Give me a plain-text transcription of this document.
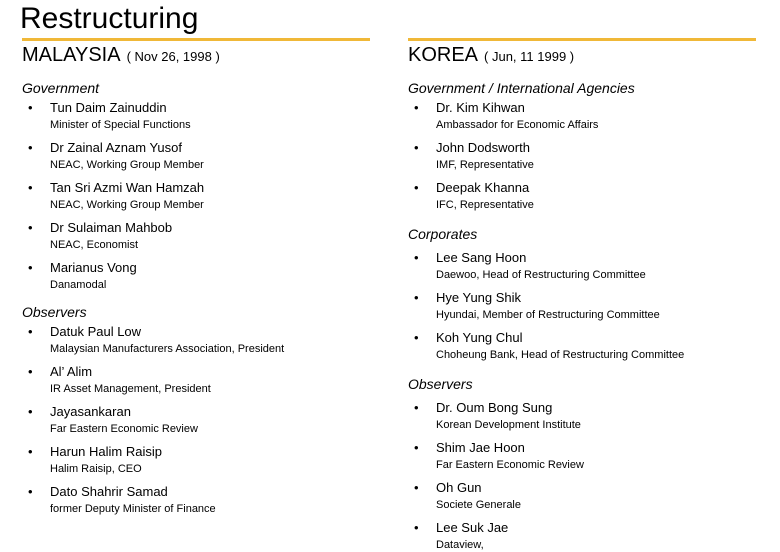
Restructuring
MALAYSIA ( Nov 26, 1998 )
Government
• Tun Daim Zainuddin
Minister of Special Functions
• Dr Zainal Aznam Yusof
NEAC, Working Group Member
• Tan Sri Azmi Wan Hamzah
NEAC, Working Group Member
• Dr Sulaiman Mahbob
NEAC, Economist
• Marianus Vong
Danamodal
Observers
• Datuk Paul Low
Malaysian Manufacturers Association, President
• Al’ Alim
IR Asset Management, President
• Jayasankaran
Far Eastern Economic Review
• Harun Halim Raisip
Halim Raisip, CEO
• Dato Shahrir Samad
former Deputy Minister of Finance
KOREA ( Jun, 11 1999 )
Government / International Agencies
• Dr. Kim Kihwan
Ambassador for Economic Affairs
• John Dodsworth
IMF, Representative
• Deepak Khanna
IFC, Representative
Corporates
• Lee Sang Hoon
Daewoo, Head of Restructuring Committee
• Hye Yung Shik
Hyundai, Member of Restructuring Committee
• Koh Yung Chul
Choheung Bank, Head of Restructuring Committee
Observers
• Dr. Oum Bong Sung
Korean Development Institute
• Shim Jae Hoon
Far Eastern Economic Review
• Oh Gun
Societe Generale
• Lee Suk Jae
Dataview,
